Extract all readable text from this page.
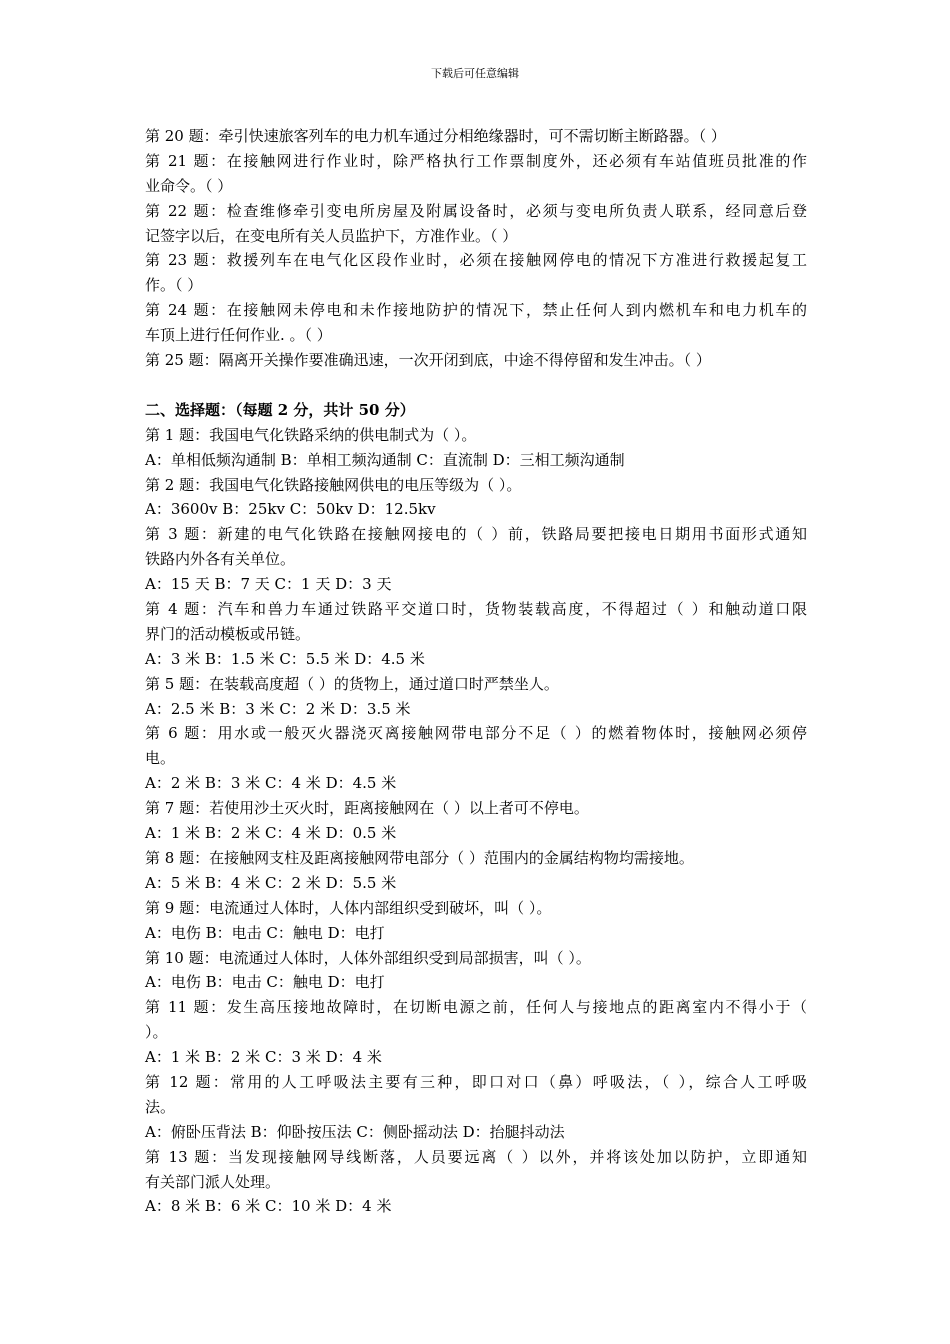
下载后可任意编辑
第 20 题：牵引快速旅客列车的电力机车通过分相绝缘器时，可不需切断主断路器。（ ）
第 21 题：在接触网进行作业时，除严格执行工作票制度外，还必须有车站值班员批准的作
业命令。（ ）
第 22 题：检查维修牵引变电所房屋及附属设备时，必须与变电所负责人联系，经同意后登
记签字以后，在变电所有关人员监护下，方准作业。（ ）
第 23 题：救援列车在电气化区段作业时，必须在接触网停电的情况下方准进行救援起复工
作。（ ）
第 24 题：在接触网未停电和未作接地防护的情况下，禁止任何人到内燃机车和电力机车的
车顶上进行任何作业. 。（ ）
第 25 题：隔离开关操作要准确迅速，一次开闭到底，中途不得停留和发生冲击。（ ）
二、选择题：（每题 2 分，共计 50 分）
第 1 题：我国电气化铁路采纳的供电制式为（ ）。
A：单相低频沟通制 B：单相工频沟通制 C：直流制 D：三相工频沟通制
第 2 题：我国电气化铁路接触网供电的电压等级为（ ）。
A：3600v B：25kv C：50kv D：12.5kv
第 3 题：新建的电气化铁路在接触网接电的（ ）前，铁路局要把接电日期用书面形式通知
铁路内外各有关单位。
A：15 天 B：7 天 C：1 天 D：3 天
第 4 题：汽车和兽力车通过铁路平交道口时，货物装载高度，不得超过（ ）和触动道口限
界门的活动模板或吊链。
A：3 米 B：1.5 米 C：5.5 米 D：4.5 米
第 5 题：在装载高度超（ ）的货物上，通过道口时严禁坐人。
A：2.5 米 B：3 米 C：2 米 D：3.5 米
第 6 题：用水或一般灭火器浇灭离接触网带电部分不足（ ）的燃着物体时，接触网必须停
电。
A：2 米 B：3 米 C：4 米 D：4.5 米
第 7 题：若使用沙土灭火时，距离接触网在（ ）以上者可不停电。
A：1 米 B：2 米 C：4 米 D：0.5 米
第 8 题：在接触网支柱及距离接触网带电部分（ ）范围内的金属结构物均需接地。
A：5 米 B：4 米 C：2 米 D：5.5 米
第 9 题：电流通过人体时，人体内部组织受到破坏，叫（ ）。
A：电伤 B：电击 C：触电 D：电打
第 10 题：电流通过人体时，人体外部组织受到局部损害，叫（ ）。
A：电伤 B：电击 C：触电 D：电打
第 11 题：发生高压接地故障时，在切断电源之前，任何人与接地点的距离室内不得小于（
）。
A：1 米 B：2 米 C：3 米 D：4 米
第 12 题：常用的人工呼吸法主要有三种，即口对口（鼻）呼吸法，（ ），综合人工呼吸
法。
A：俯卧压背法 B：仰卧按压法 C：侧卧摇动法 D：抬腿抖动法
第 13 题：当发现接触网导线断落，人员要远离（ ）以外，并将该处加以防护，立即通知
有关部门派人处理。
A：8 米 B：6 米 C：10 米 D：4 米
